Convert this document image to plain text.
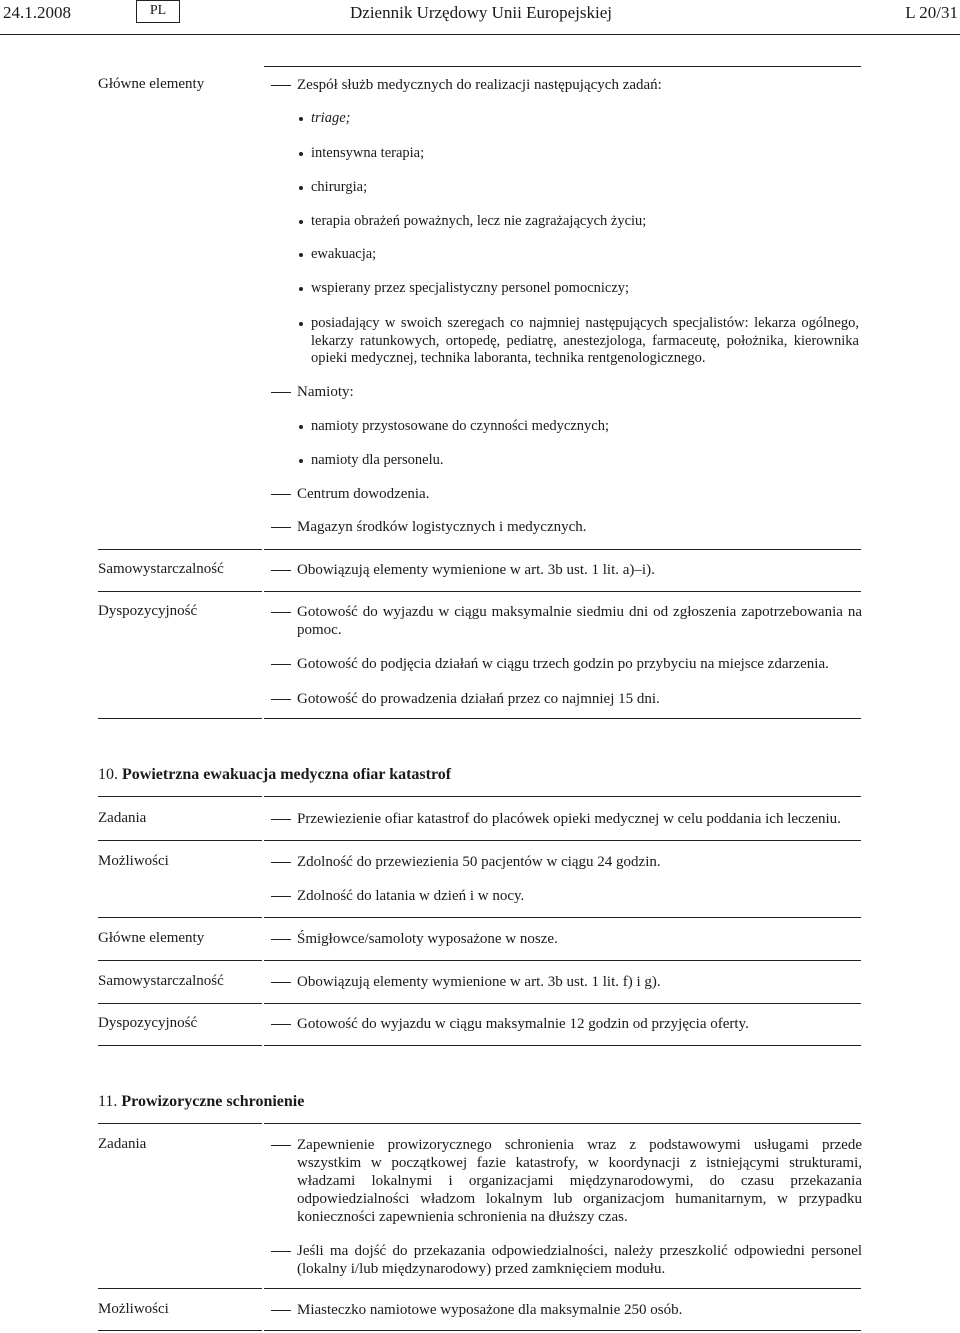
24.1.2008	PL	Dziennik Urzędowy Unii Europejskiej	L 20/31
Główne elementy	Zespół służb medycznych do realizacji następujących zadań:
triage;
intensywna terapia;
chirurgia;
terapia obrażeń poważnych, lecz nie zagrażających życiu;
ewakuacja;
wspierany przez specjalistyczny personel pomocniczy;
posiadający w swoich szeregach co najmniej następujących specjalistów: lekarza ogólnego, lekarzy ratunkowych, ortopedę, pediatrę, anestezjologa, farmaceutę, położnika, kierownika opieki medycznej, technika laboranta, technika rentgenologicznego.
Namioty:
namioty przystosowane do czynności medycznych;
namioty dla personelu.
Centrum dowodzenia.
Magazyn środków logistycznych i medycznych.
Samowystarczalność	Obowiązują elementy wymienione w art. 3b ust. 1 lit. a)–i).
Dyspozycyjność	Gotowość do wyjazdu w ciągu maksymalnie siedmiu dni od zgłoszenia zapotrzebowania na pomoc.
Gotowość do podjęcia działań w ciągu trzech godzin po przybyciu na miejsce zdarzenia.
Gotowość do prowadzenia działań przez co najmniej 15 dni.
10. Powietrzna ewakuacja medyczna ofiar katastrof
Zadania	Przewiezienie ofiar katastrof do placówek opieki medycznej w celu poddania ich leczeniu.
Możliwości	Zdolność do przewiezienia 50 pacjentów w ciągu 24 godzin.
Zdolność do latania w dzień i w nocy.
Główne elementy	Śmigłowce/samoloty wyposażone w nosze.
Samowystarczalność	Obowiązują elementy wymienione w art. 3b ust. 1 lit. f) i g).
Dyspozycyjność	Gotowość do wyjazdu w ciągu maksymalnie 12 godzin od przyjęcia oferty.
11. Prowizoryczne schronienie
Zadania	Zapewnienie prowizorycznego schronienia wraz z podstawowymi usługami przede wszystkim w początkowej fazie katastrofy, w koordynacji z istniejącymi strukturami, władzami lokalnymi i organizacjami międzynarodowymi, do czasu przekazania odpowiedzialności władzom lokalnym lub organizacjom humanitarnym, w przypadku konieczności zapewnienia schronienia na dłuższy czas.
Jeśli ma dojść do przekazania odpowiedzialności, należy przeszkolić odpowiedni personel (lokalny i/lub międzynarodowy) przed zamknięciem modułu.
Możliwości	Miasteczko namiotowe wyposażone dla maksymalnie 250 osób.
